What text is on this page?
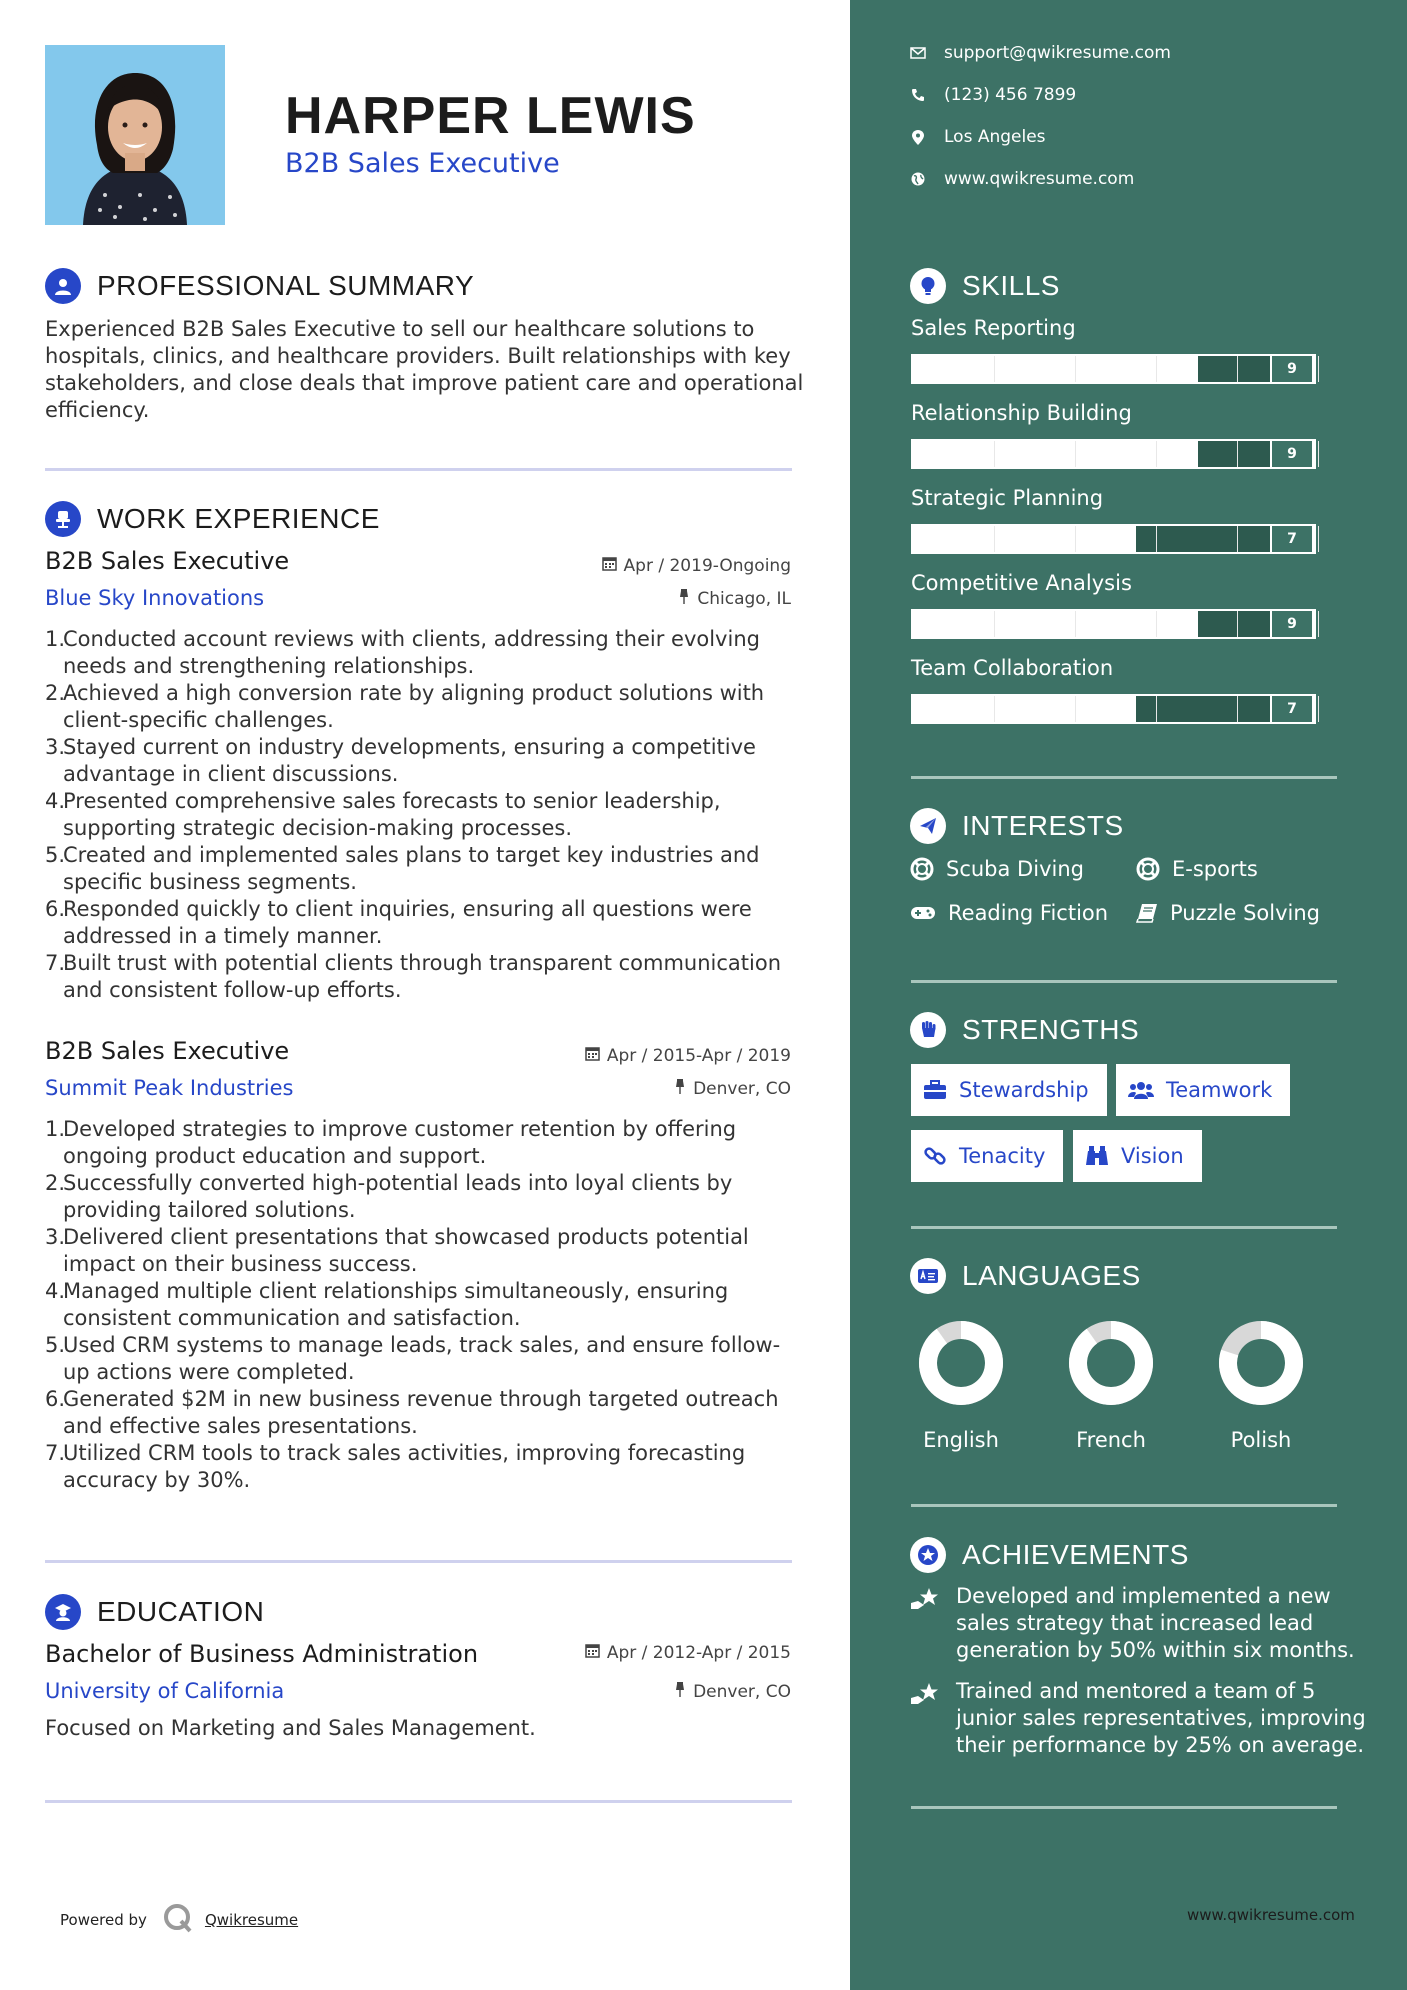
HARPER LEWIS
B2B Sales Executive
PROFESSIONAL SUMMARY
Experienced B2B Sales Executive to sell our healthcare solutions to hospitals, clinics, and healthcare providers. Built relationships with key stakeholders, and close deals that improve patient care and operational efficiency.
WORK EXPERIENCE
B2B Sales Executive
Blue Sky Innovations
Apr / 2019-Ongoing
Chicago, IL
1.
Conducted account reviews with clients, addressing their evolving needs and strengthening relationships.
2.
Achieved a high conversion rate by aligning product solutions with client-specific challenges.
3.
Stayed current on industry developments, ensuring a competitive advantage in client discussions.
4.
Presented comprehensive sales forecasts to senior leadership, supporting strategic decision-making processes.
5.
Created and implemented sales plans to target key industries and specific business segments.
6.
Responded quickly to client inquiries, ensuring all questions were addressed in a timely manner.
7.
Built trust with potential clients through transparent communication and consistent follow-up efforts.
B2B Sales Executive
Summit Peak Industries
Apr / 2015-Apr / 2019
Denver, CO
1.
Developed strategies to improve customer retention by offering ongoing product education and support.
2.
Successfully converted high-potential leads into loyal clients by providing tailored solutions.
3.
Delivered client presentations that showcased products potential impact on their business success.
4.
Managed multiple client relationships simultaneously, ensuring consistent communication and satisfaction.
5.
Used CRM systems to manage leads, track sales, and ensure follow-up actions were completed.
6.
Generated $2M in new business revenue through targeted outreach and effective sales presentations.
7.
Utilized CRM tools to track sales activities, improving forecasting accuracy by 30%.
EDUCATION
Bachelor of Business Administration
University of California
Apr / 2012-Apr / 2015
Denver, CO
Focused on Marketing and Sales Management.
Powered by	Qwikresume
support@qwikresume.com
(123) 456 7899
Los Angeles
www.qwikresume.com
SKILLS
Sales Reporting
9
Relationship Building
9
Strategic Planning
7
Competitive Analysis
9
Team Collaboration
7
INTERESTS
Scuba Diving	E-sports
Reading Fiction	Puzzle Solving
STRENGTHS
Stewardship	Teamwork
Tenacity	Vision
LANGUAGES
English	French	Polish
ACHIEVEMENTS
Developed and implemented a new sales strategy that increased lead generation by 50% within six months.
Trained and mentored a team of 5 junior sales representatives, improving their performance by 25% on average.
www.qwikresume.com
